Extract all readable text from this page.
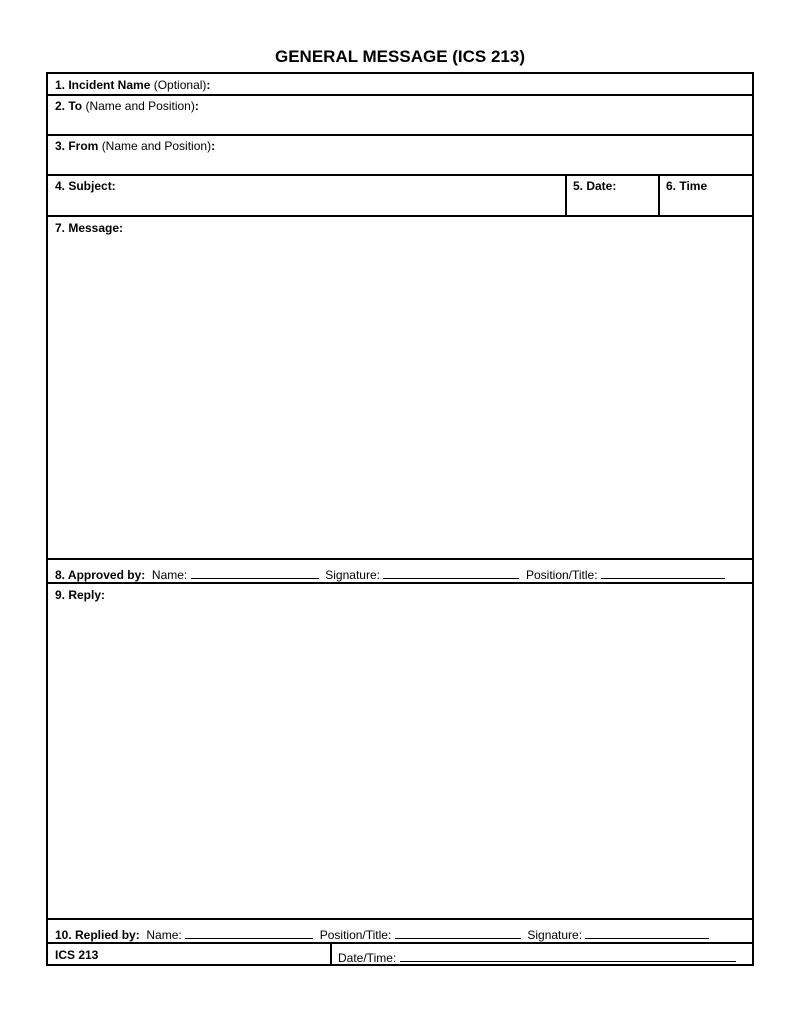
GENERAL MESSAGE (ICS 213)
1. Incident Name (Optional):
2. To (Name and Position):
3. From (Name and Position):
4. Subject:	5. Date:	6. Time
7. Message:
8. Approved by: Name:	Signature:	Position/Title:
9. Reply:
10. Replied by: Name:	Position/Title:	Signature:
ICS 213	Date/Time:
